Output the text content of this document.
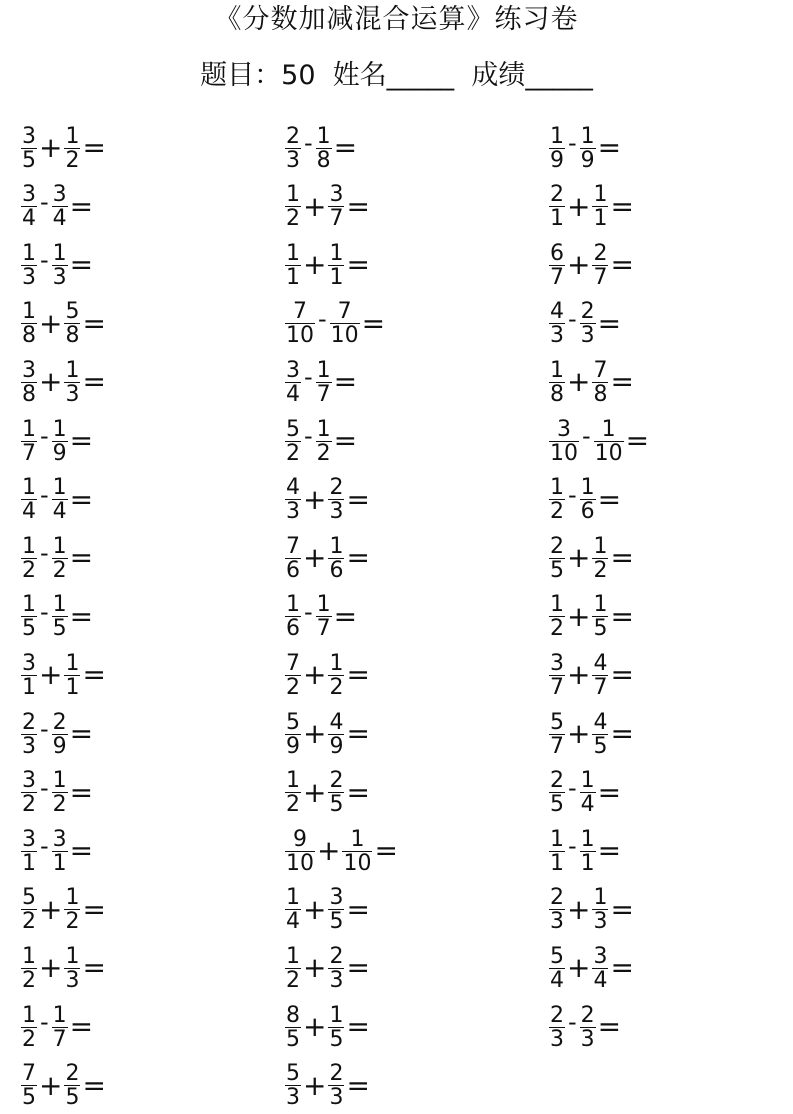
《分数加减混合运算》练习卷
题目：50  姓名_____  成绩_____
$\frac{3}{5} + \frac{1}{2}$ =
$\frac{3}{4} - \frac{3}{4}$ =
$\frac{1}{3} - \frac{1}{3}$ =
$\frac{1}{8} + \frac{5}{8}$ =
$\frac{3}{8} + \frac{1}{3}$ =
$\frac{1}{7} - \frac{1}{9}$ =
$\frac{1}{4} - \frac{1}{4}$ =
$\frac{1}{2} - \frac{1}{2}$ =
$\frac{1}{5} - \frac{1}{5}$ =
$\frac{3}{1} + \frac{1}{1}$ =
$\frac{2}{3} - \frac{2}{9}$ =
$\frac{3}{2} - \frac{1}{2}$ =
$\frac{3}{1} - \frac{3}{1}$ =
$\frac{5}{2} + \frac{1}{2}$ =
$\frac{1}{2} + \frac{1}{3}$ =
$\frac{1}{2} - \frac{1}{7}$ =
$\frac{7}{5} + \frac{2}{5}$ =
$\frac{2}{3} - \frac{1}{8}$ =
$\frac{1}{2} + \frac{3}{7}$ =
$\frac{1}{1} + \frac{1}{1}$ =
$\frac{7}{10} - \frac{7}{10}$ =
$\frac{3}{4} - \frac{1}{7}$ =
$\frac{5}{2} - \frac{1}{2}$ =
$\frac{4}{3} + \frac{2}{3}$ =
$\frac{7}{6} + \frac{1}{6}$ =
$\frac{1}{6} - \frac{1}{7}$ =
$\frac{7}{2} + \frac{1}{2}$ =
$\frac{5}{9} + \frac{4}{9}$ =
$\frac{1}{2} + \frac{2}{5}$ =
$\frac{9}{10} + \frac{1}{10}$ =
$\frac{1}{4} + \frac{3}{5}$ =
$\frac{1}{2} + \frac{2}{3}$ =
$\frac{8}{5} + \frac{1}{5}$ =
$\frac{5}{3} + \frac{2}{3}$ =
$\frac{1}{9} - \frac{1}{9}$ =
$\frac{2}{1} + \frac{1}{1}$ =
$\frac{6}{7} + \frac{2}{7}$ =
$\frac{4}{3} - \frac{2}{3}$ =
$\frac{1}{8} + \frac{7}{8}$ =
$\frac{3}{10} - \frac{1}{10}$ =
$\frac{1}{2} - \frac{1}{6}$ =
$\frac{2}{5} + \frac{1}{2}$ =
$\frac{1}{2} + \frac{1}{5}$ =
$\frac{3}{7} + \frac{4}{7}$ =
$\frac{5}{7} + \frac{4}{5}$ =
$\frac{2}{5} - \frac{1}{4}$ =
$\frac{1}{1} - \frac{1}{1}$ =
$\frac{2}{3} + \frac{1}{3}$ =
$\frac{5}{4} + \frac{3}{4}$ =
$\frac{2}{3} - \frac{2}{3}$ =
